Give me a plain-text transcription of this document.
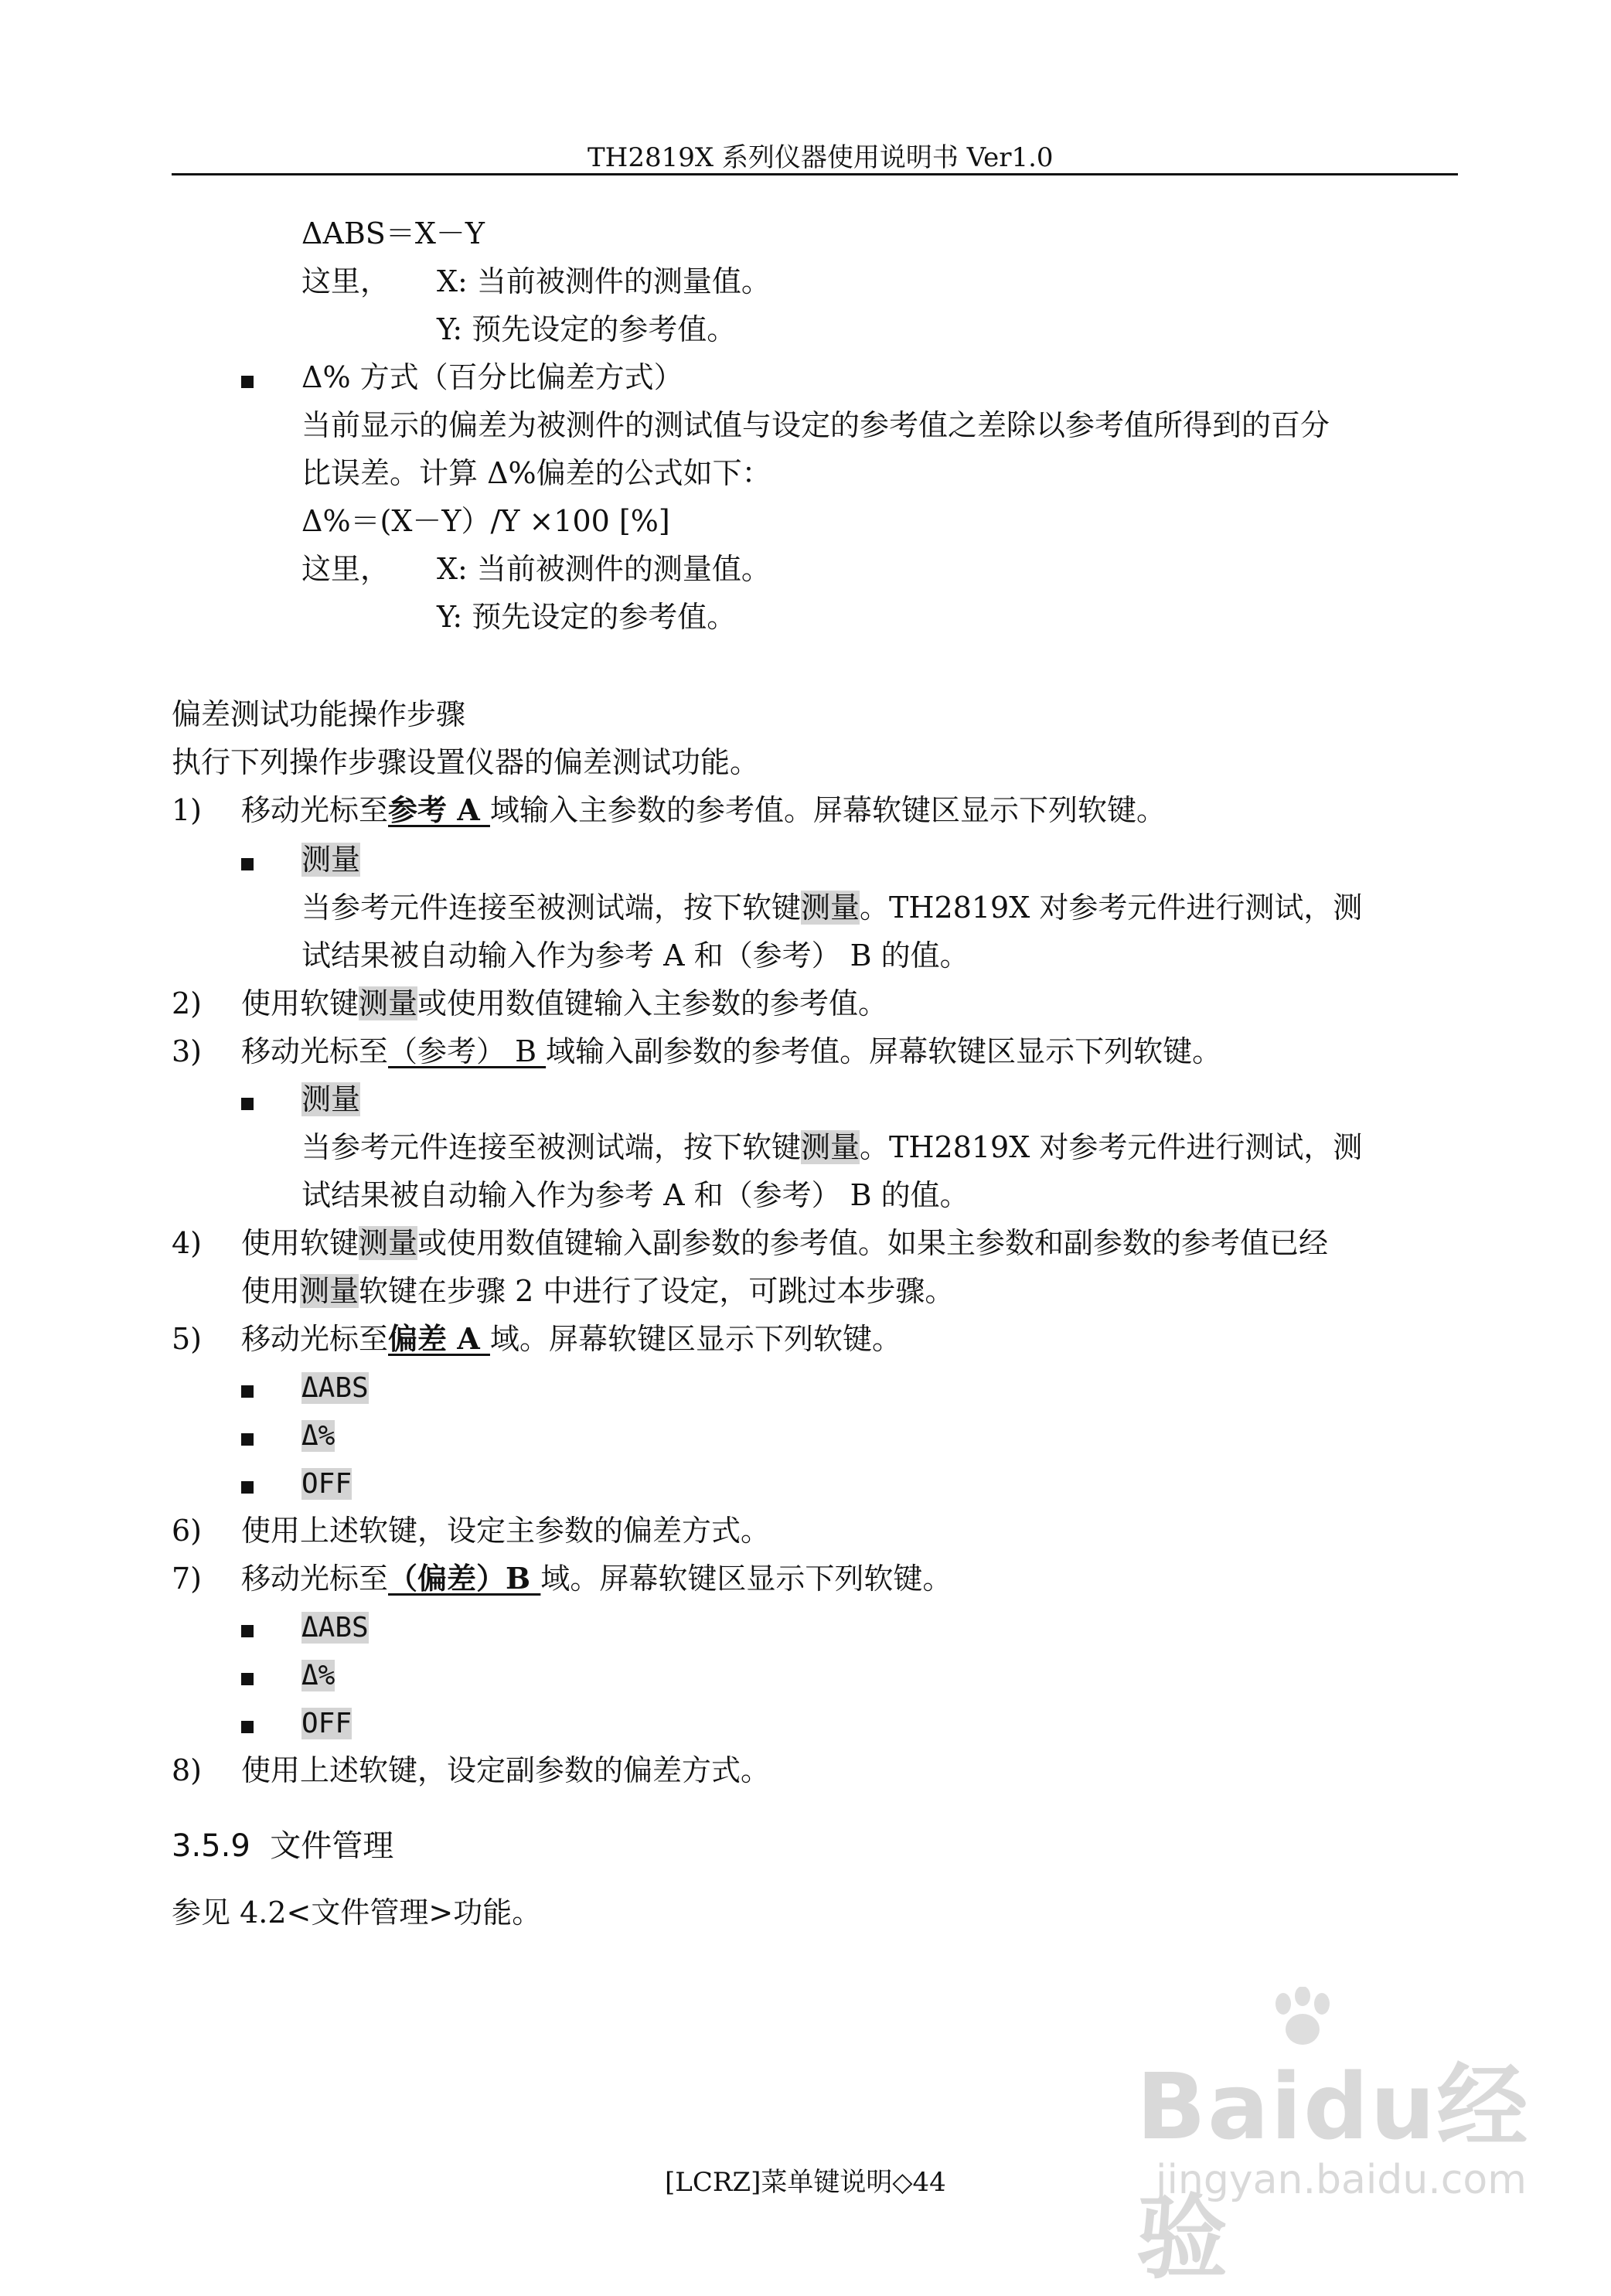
TH2819X 系列仪器使用说明书 Ver1.0
ΔABS＝X－Y
这里， X: 当前被测件的测量值。
Y: 预先设定的参考值。
Δ% 方式（百分比偏差方式）
当前显示的偏差为被测件的测试值与设定的参考值之差除以参考值所得到的百分
比误差。计算 Δ%偏差的公式如下：
Δ%＝(X－Y）/Y ×100 [%]
这里， X: 当前被测件的测量值。
Y: 预先设定的参考值。
偏差测试功能操作步骤
执行下列操作步骤设置仪器的偏差测试功能。
1) 移动光标至参考 A 域输入主参数的参考值。屏幕软键区显示下列软键。
测量
当参考元件连接至被测试端，按下软键测量。TH2819X 对参考元件进行测试，测
试结果被自动输入作为参考 A 和（参考） B 的值。
2) 使用软键测量或使用数值键输入主参数的参考值。
3) 移动光标至（参考） B 域输入副参数的参考值。屏幕软键区显示下列软键。
测量
当参考元件连接至被测试端，按下软键测量。TH2819X 对参考元件进行测试，测
试结果被自动输入作为参考 A 和（参考） B 的值。
4) 使用软键测量或使用数值键输入副参数的参考值。如果主参数和副参数的参考值已经
使用测量软键在步骤 2 中进行了设定，可跳过本步骤。
5) 移动光标至偏差 A 域。屏幕软键区显示下列软键。
ΔABS
Δ%
OFF
6) 使用上述软键，设定主参数的偏差方式。
7) 移动光标至（偏差）B 域。屏幕软键区显示下列软键。
ΔABS
Δ%
OFF
8) 使用上述软键，设定副参数的偏差方式。
3.5.9 文件管理
参见 4.2<文件管理>功能。
Baidu经验
jingyan.baidu.com
[LCRZ]菜单键说明◇44
